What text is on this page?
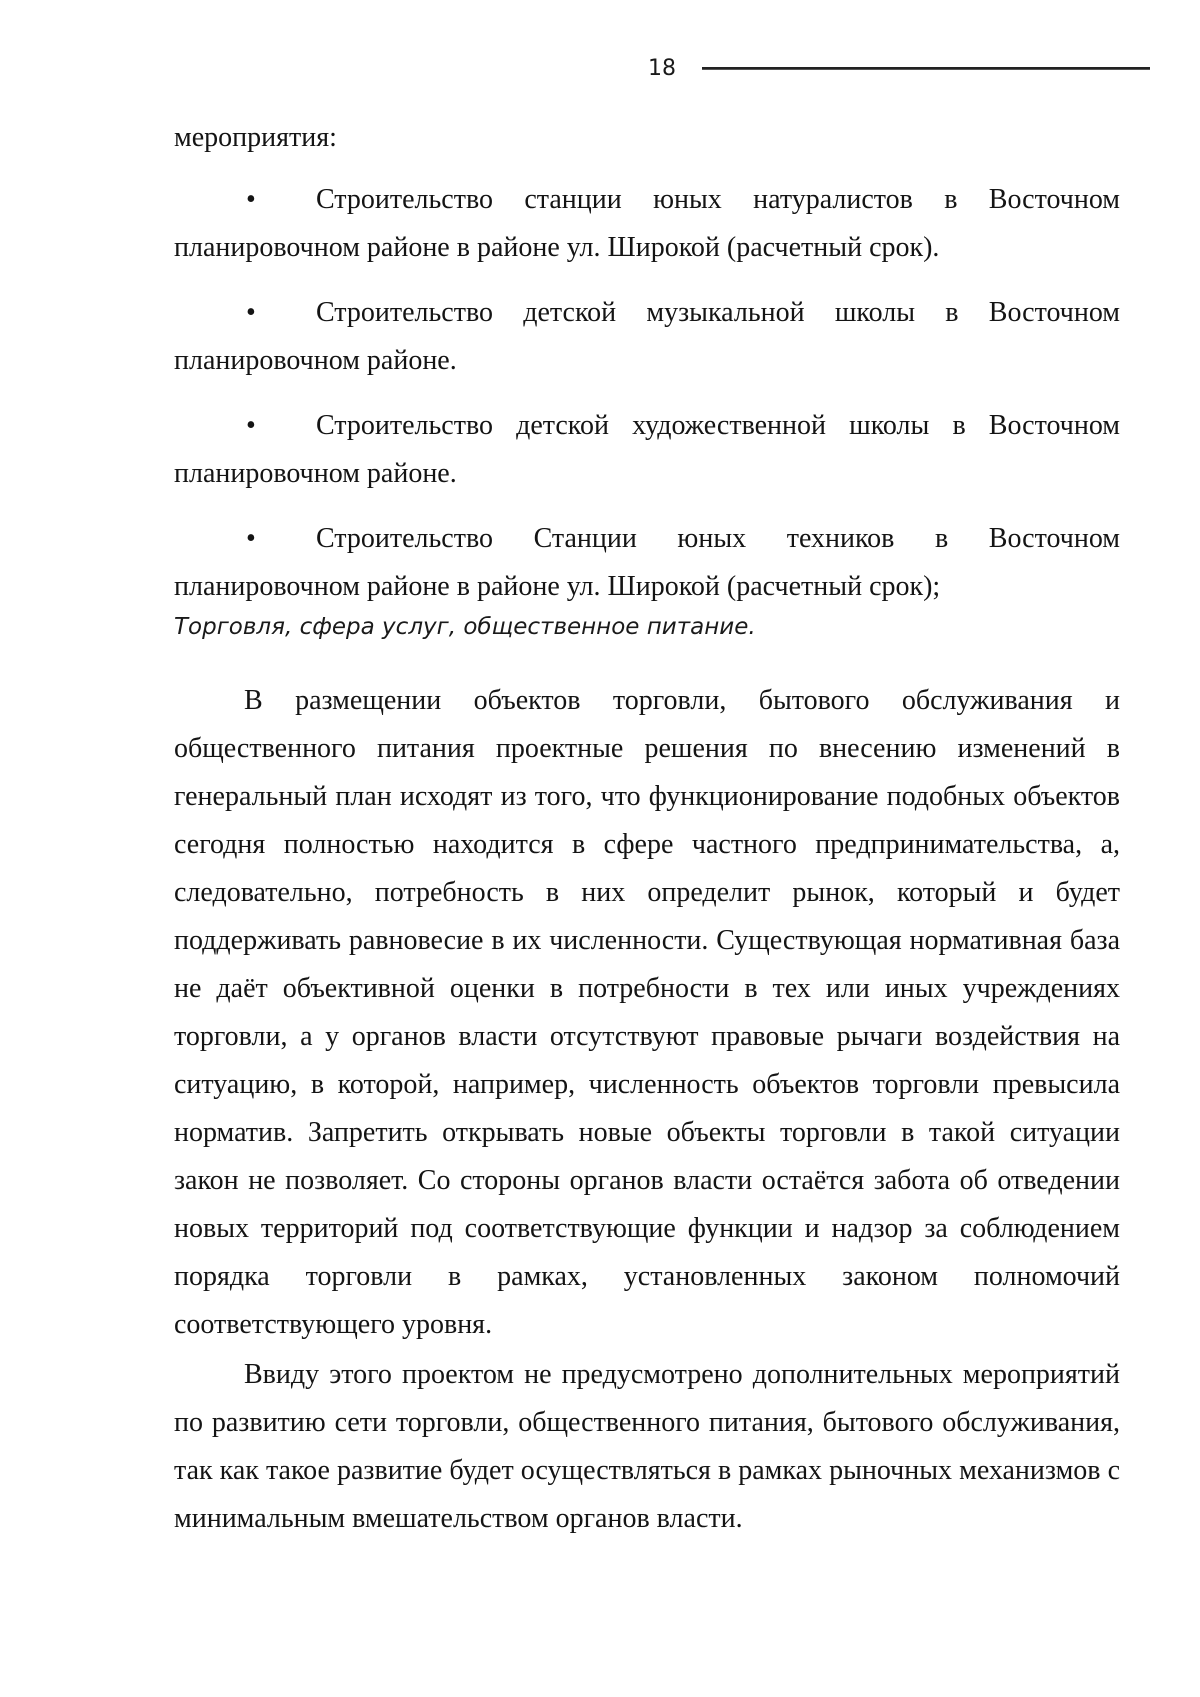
18

мероприятия:

• Строительство станции юных натуралистов в Восточном планировочном районе в районе ул. Широкой (расчетный срок).
• Строительство детской музыкальной школы в Восточном планировочном районе.
• Строительство детской художественной школы в Восточном планировочном районе.
• Строительство Станции юных техников в Восточном планировочном районе в районе ул. Широкой (расчетный срок);

Торговля, сфера услуг, общественное питание.

В размещении объектов торговли, бытового обслуживания и общественного питания проектные решения по внесению изменений в генеральный план исходят из того, что функционирование подобных объектов сегодня полностью находится в сфере частного предпринимательства, а, следовательно, потребность в них определит рынок, который и будет поддерживать равновесие в их численности. Существующая нормативная база не даёт объективной оценки в потребности в тех или иных учреждениях торговли, а у органов власти отсутствуют правовые рычаги воздействия на ситуацию, в которой, например, численность объектов торговли превысила норматив. Запретить открывать новые объекты торговли в такой ситуации закон не позволяет. Со стороны органов власти остаётся забота об отведении новых территорий под соответствующие функции и надзор за соблюдением порядка торговли в рамках, установленных законом полномочий соответствующего уровня.

Ввиду этого проектом не предусмотрено дополнительных мероприятий по развитию сети торговли, общественного питания, бытового обслуживания, так как такое развитие будет осуществляться в рамках рыночных механизмов с минимальным вмешательством органов власти.
